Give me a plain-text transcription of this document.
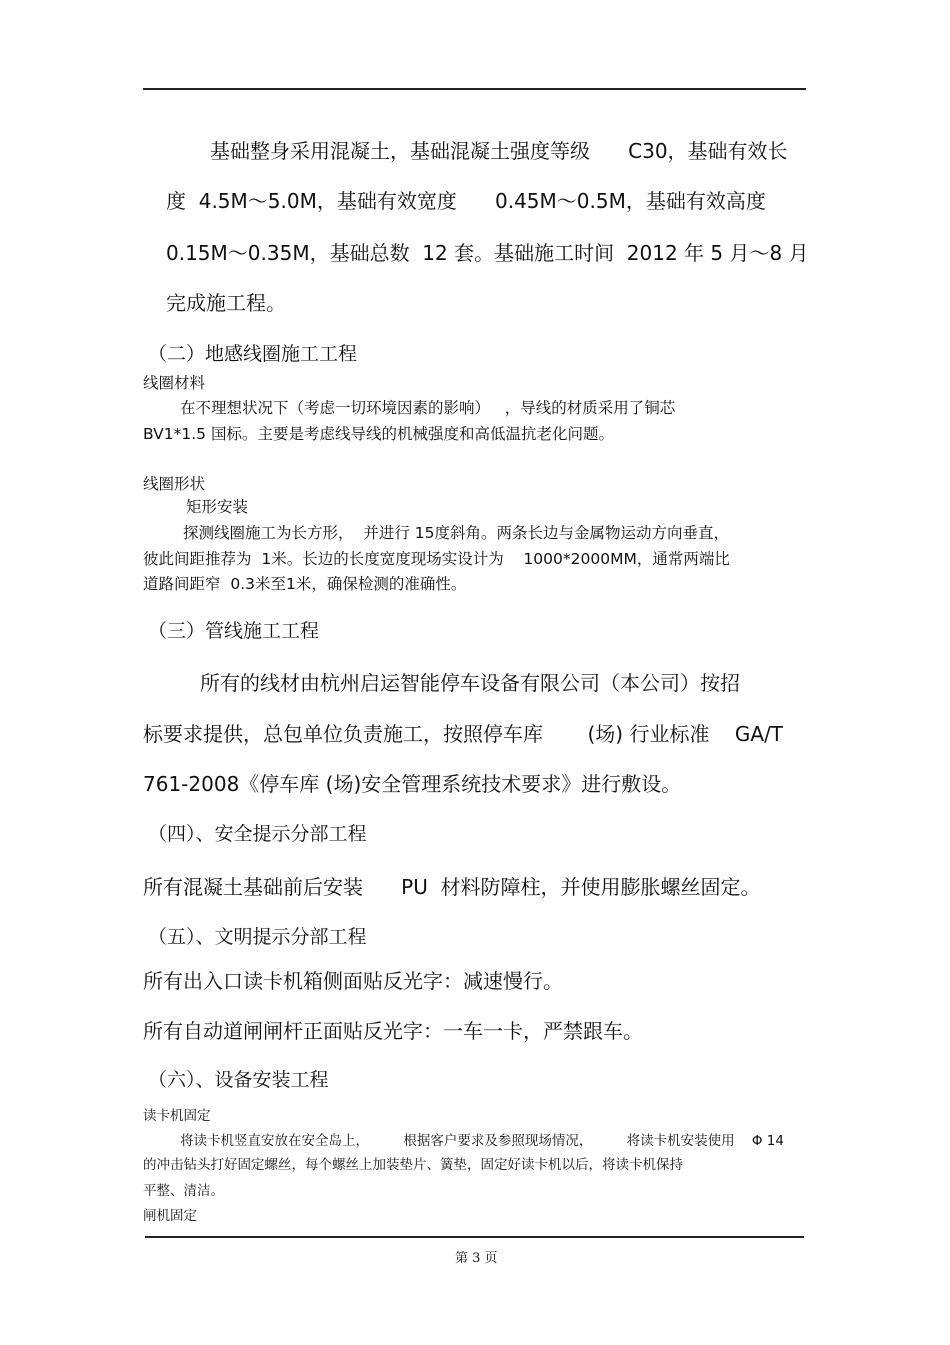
基础整身采用混凝土，基础混凝土强度等级      C30，基础有效长
度  4.5M～5.0M，基础有效宽度      0.45M～0.5M，基础有效高度
0.15M～0.35M，基础总数  12 套。基础施工时间  2012 年 5 月～8 月
完成施工程。
（二）地感线圈施工工程
线圈材料
在不理想状况下（考虑一切环境因素的影响）   ，导线的材质采用了铜芯
BV1*1.5 国标。主要是考虑线导线的机械强度和高低温抗老化问题。
线圈形状
矩形安装
探测线圈施工为长方形，  并进行 15度斜角。两条长边与金属物运动方向垂直，
彼此间距推荐为  1米。长边的长度宽度现场实设计为    1000*2000MM，通常两端比
道路间距窄  0.3米至1米，确保检测的准确性。
（三）管线施工工程
所有的线材由杭州启运智能停车设备有限公司（本公司）按招
标要求提供，总包单位负责施工，按照停车库       (场) 行业标准    GA/T
761-2008《停车库 (场)安全管理系统技术要求》进行敷设。
（四）、安全提示分部工程
所有混凝土基础前后安装      PU  材料防障柱，并使用膨胀螺丝固定。
（五）、文明提示分部工程
所有出入口读卡机箱侧面贴反光字：减速慢行。
所有自动道闸闸杆正面贴反光字：一车一卡，严禁跟车。
（六）、设备安装工程
读卡机固定
将读卡机竖直安放在安全岛上，        根据客户要求及参照现场情况，        将读卡机安装使用    Φ 14
的冲击钻头打好固定螺丝，每个螺丝上加装垫片、簧垫，固定好读卡机以后，将读卡机保持
平整、清洁。
闸机固定
第 3 页
